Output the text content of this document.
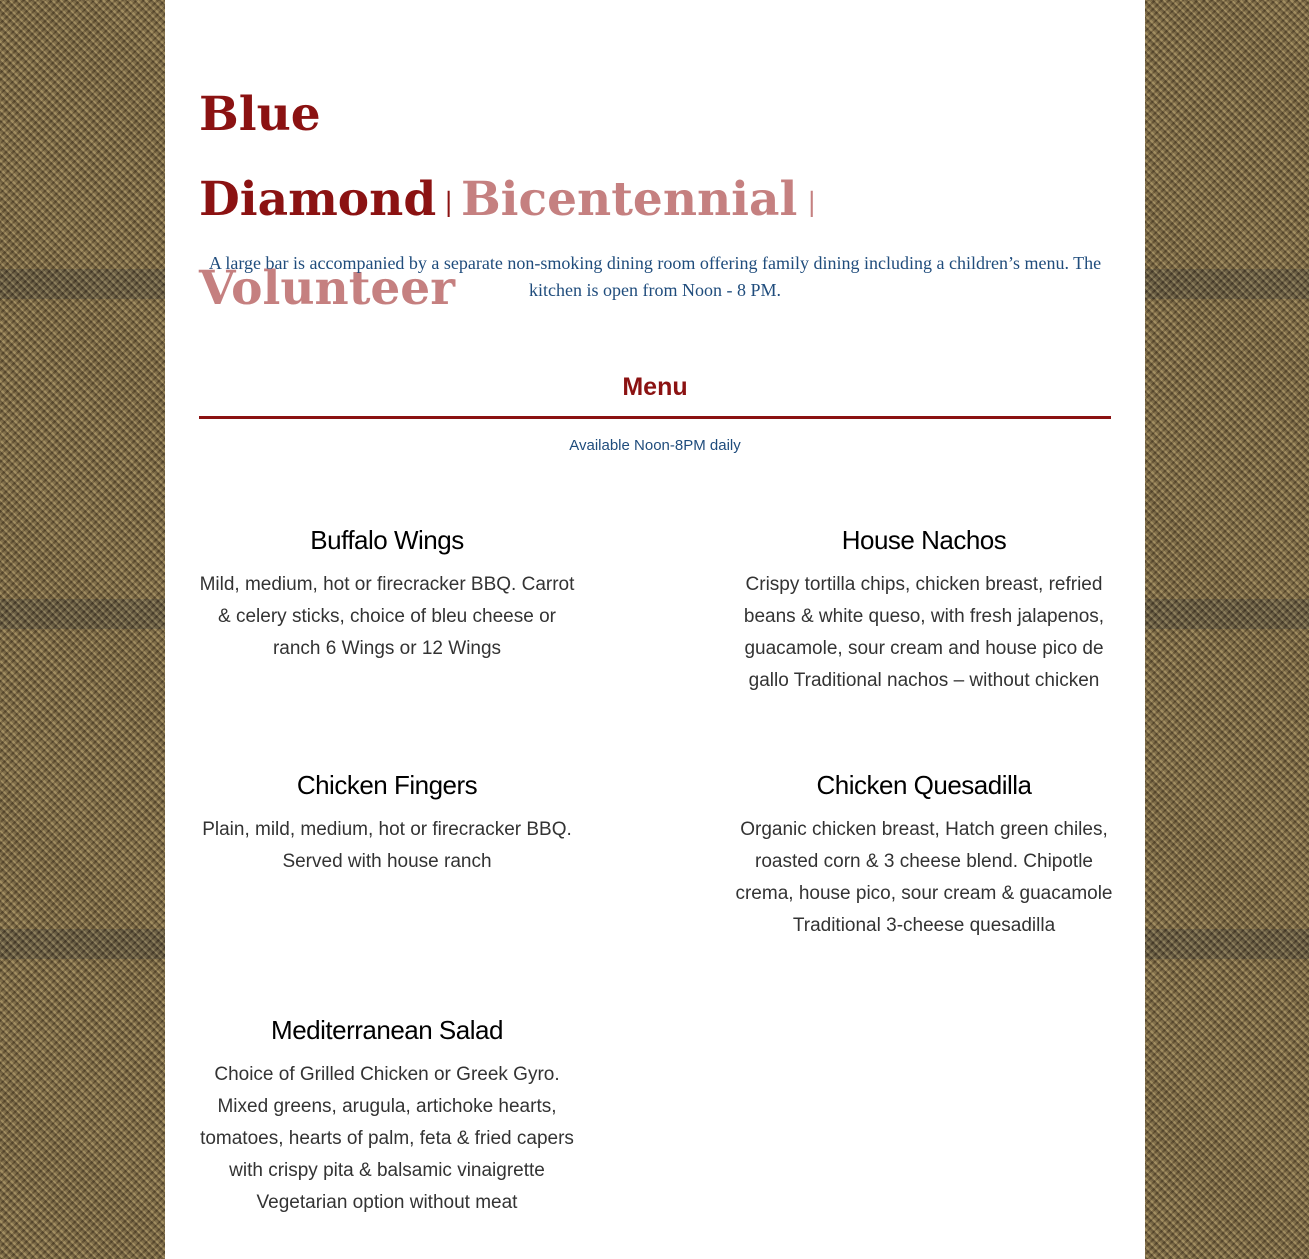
Blue Diamond | Bicentennial |
Volunteer

A large bar is accompanied by a separate non-smoking dining room offering family dining including a children’s menu. The kitchen is open from Noon - 8 PM.

Menu

Available Noon-8PM daily

Buffalo Wings

Mild, medium, hot or firecracker BBQ. Carrot & celery sticks, choice of bleu cheese or ranch 6 Wings or 12 Wings

House Nachos

Crispy tortilla chips, chicken breast, refried beans & white queso, with fresh jalapenos, guacamole, sour cream and house pico de gallo Traditional nachos – without chicken

Chicken Fingers

Plain, mild, medium, hot or firecracker BBQ. Served with house ranch

Chicken Quesadilla

Organic chicken breast, Hatch green chiles, roasted corn & 3 cheese blend. Chipotle crema, house pico, sour cream & guacamole Traditional 3-cheese quesadilla

Mediterranean Salad

Choice of Grilled Chicken or Greek Gyro. Mixed greens, arugula, artichoke hearts, tomatoes, hearts of palm, feta & fried capers with crispy pita & balsamic vinaigrette Vegetarian option without meat
